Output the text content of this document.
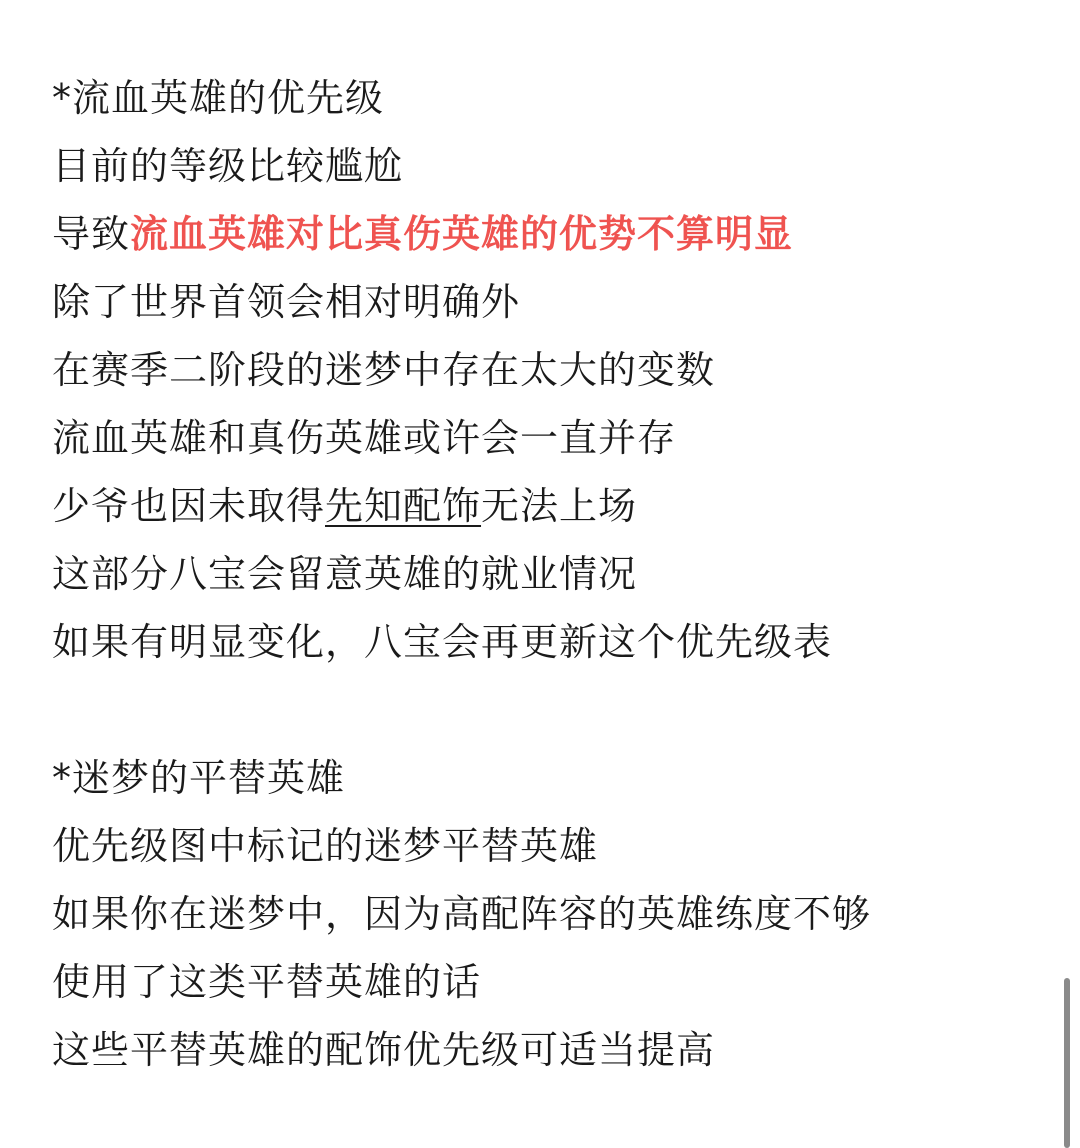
*流血英雄的优先级
目前的等级比较尴尬
导致流血英雄对比真伤英雄的优势不算明显
除了世界首领会相对明确外
在赛季二阶段的迷梦中存在太大的变数
流血英雄和真伤英雄或许会一直并存
少爷也因未取得先知配饰无法上场
这部分八宝会留意英雄的就业情况
如果有明显变化，八宝会再更新这个优先级表
*迷梦的平替英雄
优先级图中标记的迷梦平替英雄
如果你在迷梦中，因为高配阵容的英雄练度不够
使用了这类平替英雄的话
这些平替英雄的配饰优先级可适当提高
